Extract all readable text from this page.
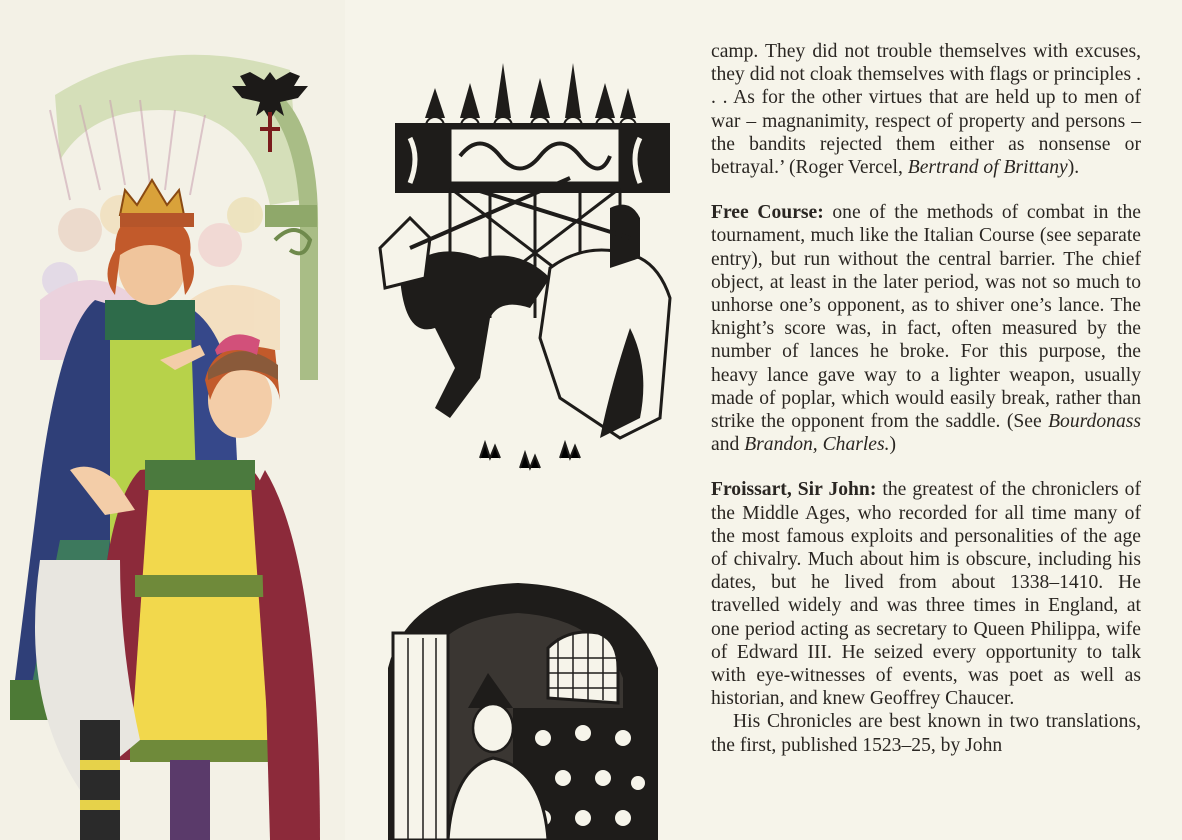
camp. They did not trouble themselves with excuses, they did not cloak themselves with flags or principles . . . As for the other virtues that are held up to men of war – magnanimity, respect of property and persons – the bandits rejected them either as nonsense or betrayal.’ (Roger Vercel, Bertrand of Brittany).

Free Course: one of the methods of combat in the tournament, much like the Italian Course (see separate entry), but run without the central barrier. The chief object, at least in the later period, was not so much to unhorse one’s opponent, as to shiver one’s lance. The knight’s score was, in fact, often measured by the number of lances he broke. For this purpose, the heavy lance gave way to a lighter weapon, usually made of poplar, which would easily break, rather than strike the opponent from the saddle. (See Bourdonass and Brandon, Charles.)

Froissart, Sir John: the greatest of the chroniclers of the Middle Ages, who recorded for all time many of the most famous exploits and personalities of the age of chivalry. Much about him is obscure, including his dates, but he lived from about 1338–1410. He travelled widely and was three times in England, at one period acting as secretary to Queen Philippa, wife of Edward III. He seized every opportunity to talk with eye-witnesses of events, was poet as well as historian, and knew Geoffrey Chaucer.

His Chronicles are best known in two translations, the first, published 1523–25, by John
